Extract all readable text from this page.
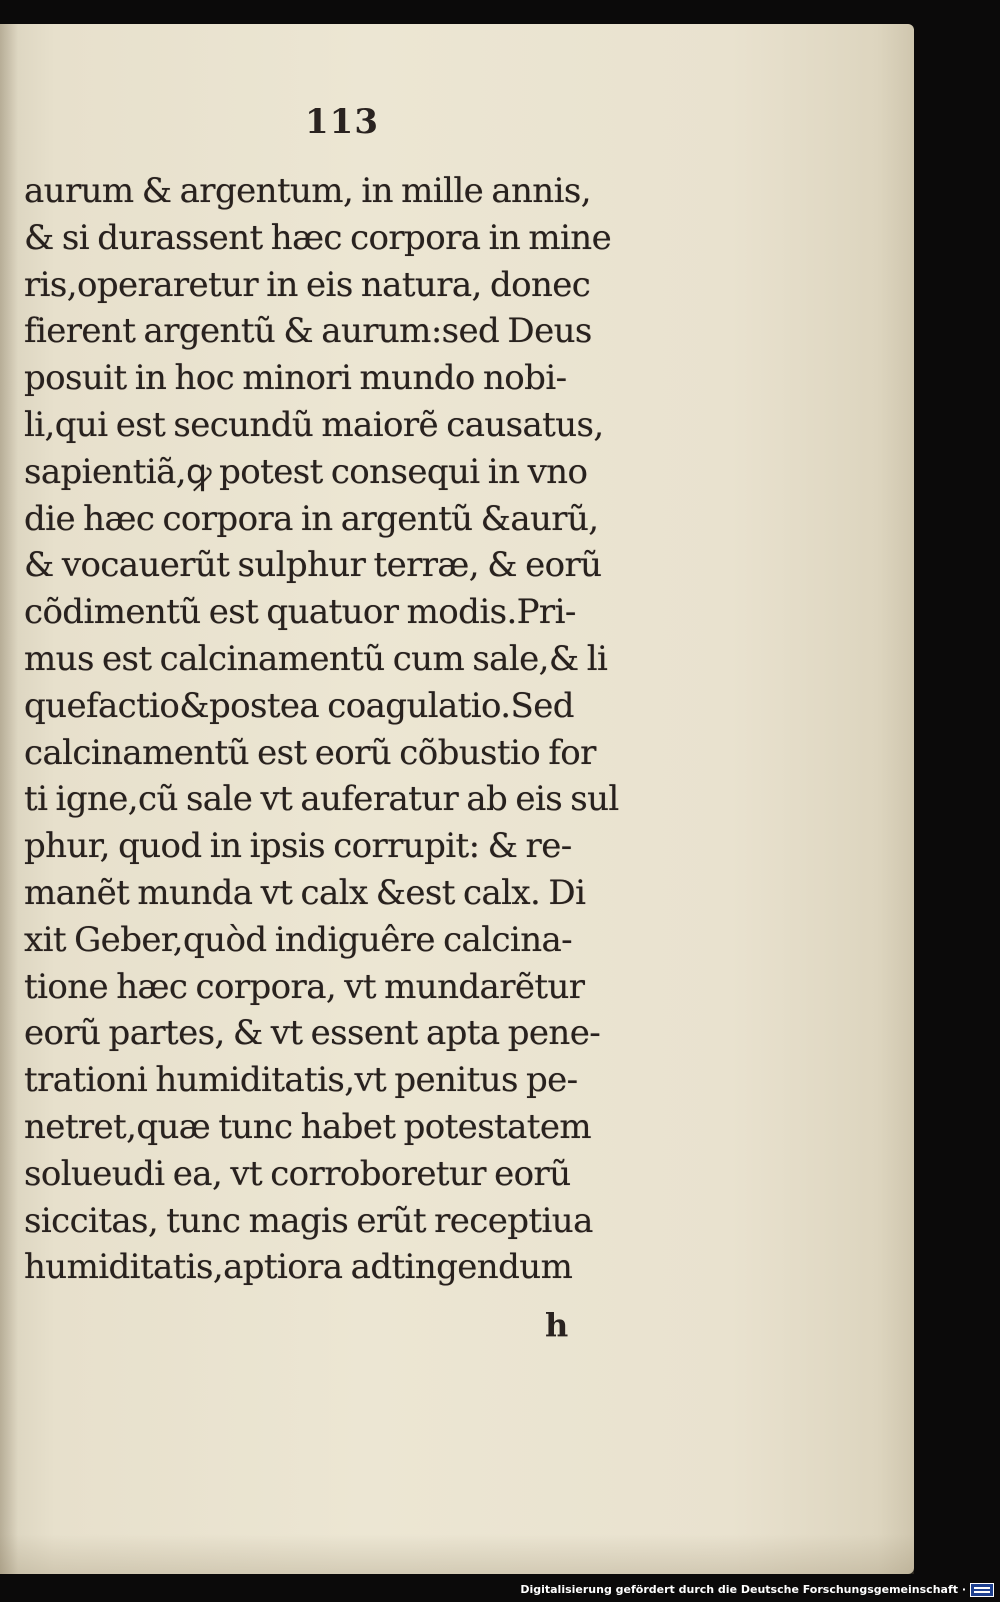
113
aurum & argentum, in mille annis,
& si durassent hæc corpora in mine
ris,operaretur in eis natura, donec
fierent argentũ & aurum:sed Deus
posuit in hoc minori mundo nobi-
li,qui est secundũ maiorẽ causatus,
sapientiã,ꝙ potest consequi in vno
die hæc corpora in argentũ &aurũ,
& vocauerũt sulphur terræ, & eorũ
cõdimentũ est quatuor modis.Pri-
mus est calcinamentũ cum sale,& li
quefactio&postea coagulatio.Sed
calcinamentũ est eorũ cõbustio for
ti igne,cũ sale vt auferatur ab eis sul
phur, quod in ipsis corrupit: & re-
manẽt munda vt calx &est calx. Di
xit Geber,quòd indiguêre calcina-
tione hæc corpora, vt mundarẽtur
eorũ partes, & vt essent apta pene-
trationi humiditatis,vt penitus pe-
netret,quæ tunc habet potestatem
solueudi ea, vt corroboretur eorũ
siccitas, tunc magis erũt receptiua
humiditatis,aptiora adtingendum
h
Digitalisierung gefördert durch die Deutsche Forschungsgemeinschaft ·
